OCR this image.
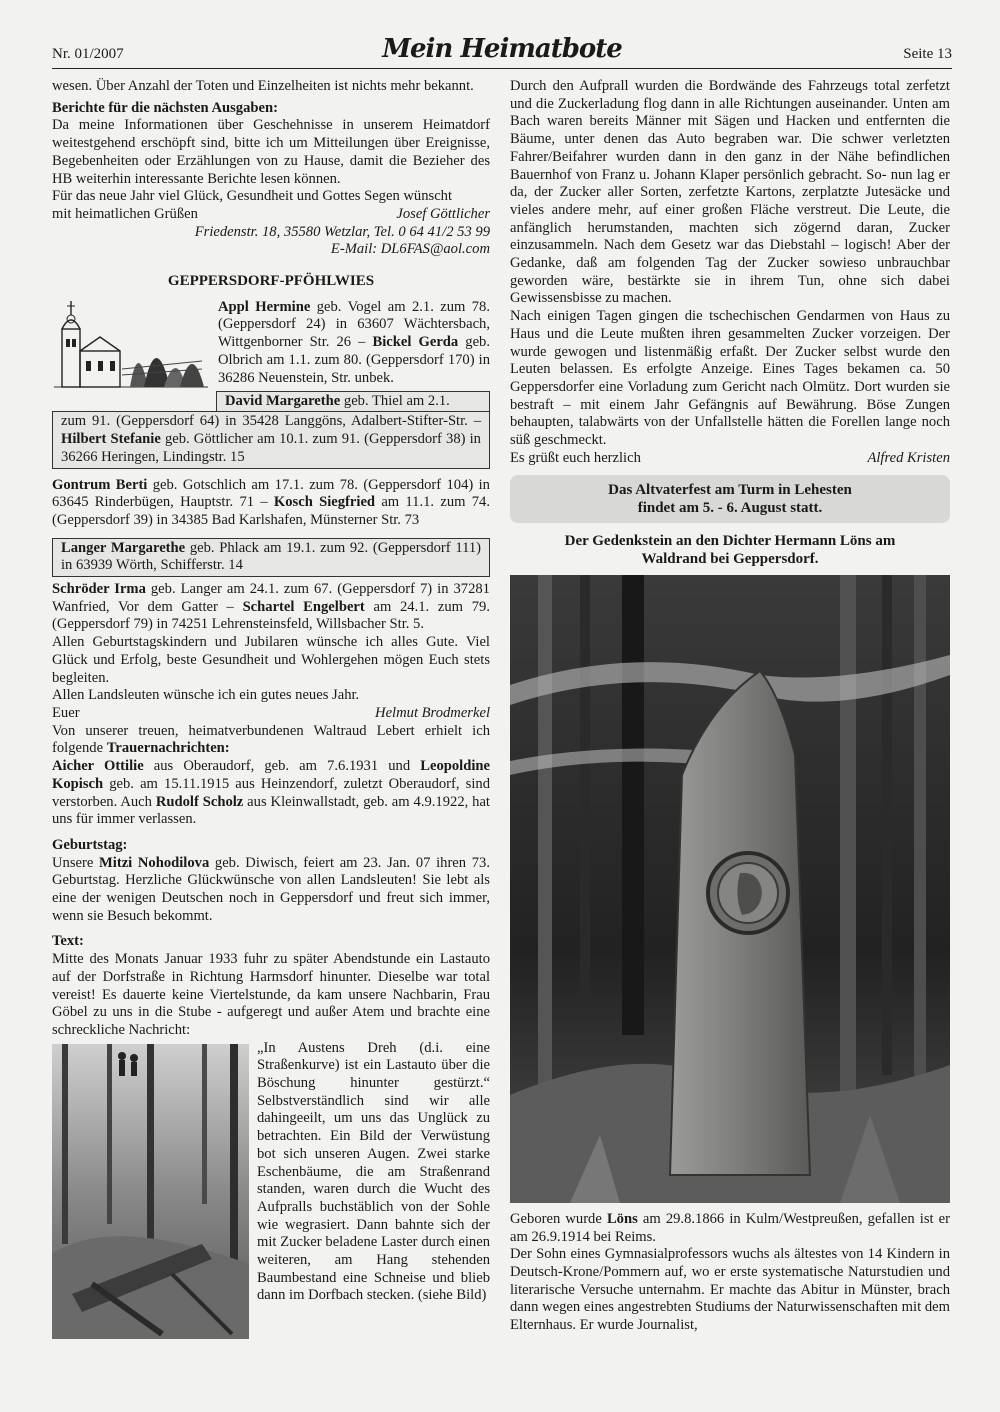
Nr. 01/2007	Mein Heimatbote	Seite 13

wesen. Über Anzahl der Toten und Einzelheiten ist nichts mehr bekannt.

Berichte für die nächsten Ausgaben:

Da meine Informationen über Geschehnisse in unserem Heimatdorf weitestgehend erschöpft sind, bitte ich um Mitteilungen über Ereignisse, Begebenheiten oder Erzählungen von zu Hause, damit die Bezieher des HB weiterhin interessante Berichte lesen können.

Für das neue Jahr viel Glück, Gesundheit und Gottes Segen wünscht

mit heimatlichen Grüßen	Josef Göttlicher

Friedenstr. 18, 35580 Wetzlar, Tel. 0 64 41/2 53 99

E-Mail: DL6FAS@aol.com

GEPPERSDORF-PFÖHLWIES

Appl Hermine geb. Vogel am 2.1. zum 78. (Geppersdorf 24) in 63607 Wächtersbach, Wittgenborner Str. 26 – Bickel Gerda geb. Olbrich am 1.1. zum 80. (Geppersdorf 170) in 36286 Neuenstein, Str. unbek.

David Margarethe geb. Thiel am 2.1.
zum 91. (Geppersdorf 64) in 35428 Langgöns, Adalbert-Stifter-Str. – Hilbert Stefanie geb. Göttlicher am 10.1. zum 91. (Geppersdorf 38) in 36266 Heringen, Lindingstr. 15

Gontrum Berti geb. Gotschlich am 17.1. zum 78. (Geppersdorf 104) in 63645 Rinderbügen, Hauptstr. 71 – Kosch Siegfried am 11.1. zum 74. (Geppersdorf 39) in 34385 Bad Karlshafen, Münsterner Str. 73

Langer Margarethe geb. Phlack am 19.1. zum 92. (Geppersdorf 111) in 63939 Wörth, Schifferstr. 14

Schröder Irma geb. Langer am 24.1. zum 67. (Geppersdorf 7) in 37281 Wanfried, Vor dem Gatter – Schartel Engelbert am 24.1. zum 79. (Geppersdorf 79) in 74251 Lehrensteinsfeld, Willsbacher Str. 5.

Allen Geburtstagskindern und Jubilaren wünsche ich alles Gute. Viel Glück und Erfolg, beste Gesundheit und Wohlergehen mögen Euch stets begleiten.

Allen Landsleuten wünsche ich ein gutes neues Jahr.

Euer	Helmut Brodmerkel

Von unserer treuen, heimatverbundenen Waltraud Lebert erhielt ich folgende Trauernachrichten:

Aicher Ottilie aus Oberaudorf, geb. am 7.6.1931 und Leopoldine Kopisch geb. am 15.11.1915 aus Heinzendorf, zuletzt Oberaudorf, sind verstorben. Auch Rudolf Scholz aus Kleinwallstadt, geb. am 4.9.1922, hat uns für immer verlassen.

Geburtstag:

Unsere Mitzi Nohodilova geb. Diwisch, feiert am 23. Jan. 07 ihren 73. Geburtstag. Herzliche Glückwünsche von allen Landsleuten! Sie lebt als eine der wenigen Deutschen noch in Geppersdorf und freut sich immer, wenn sie Besuch bekommt.

Text:

Mitte des Monats Januar 1933 fuhr zu später Abendstunde ein Lastauto auf der Dorfstraße in Richtung Harmsdorf hinunter. Dieselbe war total vereist! Es dauerte keine Viertelstunde, da kam unsere Nachbarin, Frau Göbel zu uns in die Stube - aufgeregt und außer Atem und brachte eine schreckliche Nachricht:

„In Austens Dreh (d.i. eine Straßenkurve) ist ein Lastauto über die Böschung hinunter gestürzt.“ Selbstverständlich sind wir alle dahingeeilt, um uns das Unglück zu betrachten. Ein Bild der Verwüstung bot sich unseren Augen. Zwei starke Eschenbäume, die am Straßenrand standen, waren durch die Wucht des Aufpralls buchstäblich von der Sohle wie wegrasiert. Dann bahnte sich der mit Zucker beladene Laster durch einen weiteren, am Hang stehenden Baumbestand eine Schneise und blieb dann im Dorfbach stecken. (siehe Bild)

Durch den Aufprall wurden die Bordwände des Fahrzeugs total zerfetzt und die Zuckerladung flog dann in alle Richtungen auseinander. Unten am Bach waren bereits Männer mit Sägen und Hacken und entfernten die Bäume, unter denen das Auto begraben war. Die schwer verletzten Fahrer/Beifahrer wurden dann in den ganz in der Nähe befindlichen Bauernhof von Franz u. Johann Klaper persönlich gebracht. So- nun lag er da, der Zucker aller Sorten, zerfetzte Kartons, zerplatzte Jutesäcke und vieles andere mehr, auf einer großen Fläche verstreut. Die Leute, die anfänglich herumstanden, machten sich zögernd daran, Zucker einzusammeln. Nach dem Gesetz war das Diebstahl – logisch! Aber der Gedanke, daß am folgenden Tag der Zucker sowieso unbrauchbar geworden wäre, bestärkte sie in ihrem Tun, ohne sich dabei Gewissensbisse zu machen.

Nach einigen Tagen gingen die tschechischen Gendarmen von Haus zu Haus und die Leute mußten ihren gesammelten Zucker vorzeigen. Der wurde gewogen und listenmäßig erfaßt. Der Zucker selbst wurde den Leuten belassen. Es erfolgte Anzeige. Eines Tages bekamen ca. 50 Geppersdorfer eine Vorladung zum Gericht nach Olmütz. Dort wurden sie bestraft – mit einem Jahr Gefängnis auf Bewährung. Böse Zungen behaupten, talabwärts von der Unfallstelle hätten die Forellen lange noch süß geschmeckt.

Es grüßt euch herzlich	Alfred Kristen
Das Altvaterfest am Turm in Lehesten
findet am 5. - 6. August statt.
Der Gedenkstein an den Dichter Hermann Löns am
Waldrand bei Geppersdorf.

Geboren wurde Löns am 29.8.1866 in Kulm/Westpreußen, gefallen ist er am 26.9.1914 bei Reims.

Der Sohn eines Gymnasialprofessors wuchs als ältestes von 14 Kindern in Deutsch-Krone/Pommern auf, wo er erste systematische Naturstudien und literarische Versuche unternahm. Er machte das Abitur in Münster, brach dann wegen eines angestrebten Studiums der Naturwissenschaften mit dem Elternhaus. Er wurde Journalist,
